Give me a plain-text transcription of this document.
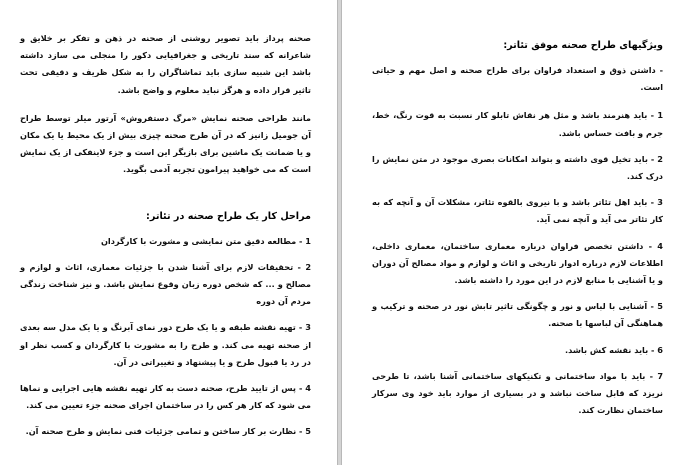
صحنه پرداز باید تصویر روشنی از صحنه در ذهن و تفکر بر خلایق و شاعرانه که سند تاریخی و جغرافیایی دکور را منجلی می سازد داشته باشد این شبیه سازی باید تماشاگران را به شکل ظریف و دقیقی تحت تاثیر قرار داده و هرگز نباید معلوم و واضح باشد.

مانند طراحی صحنه نمایش «مرگ دستفروش» آرتور میلر توسط طراح آن جومیل زانیز که در آن طرح صحنه چیزی بیش از یک محیط یا یک مکان و یا ضمانت یک ماشین برای بازیگر این است و جزء لاینفکی از یک نمایش است که می خواهید پیرامون تجربه آدمی بگوید.

مراحل کار یک طراح صحنه در تئاتر:

1 - مطالعه دقیق متن نمایشی و مشورت با کارگردان

2 - تحقیقات لازم برای آشنا شدن با جزئیات معماری، اثاث و لوازم و مصالح و ... که شخص دوره زبان وقوع نمایش باشد. و نیز شناخت زندگی مردم آن دوره

3 - تهیه نقشه طبقه و یا یک طرح دور نمای آبرنگ و یا یک مدل سه بعدی از صحنه تهیه می کند. و طرح را به مشورت با کارگردان و کسب نظر او در رد یا قبول طرح و یا پیشنهاد و تغییراتی در آن.

4 - پس از تایید طرح، صحنه دست به کار تهیه نقشه هایی اجرایی و نماها می شود که کار هر کس را در ساختمان اجرای صحنه جزء تعیین می کند.

5 - نظارت بر کار ساختن و تمامی جزئیات فنی نمایش و طرح صحنه آن.

ویژگیهای طراح صحنه موفق تئاتر:

- داشتن ذوق و استعداد فراوان برای طراح صحنه و اصل مهم و حیاتی است.

1 - باید هنرمند باشد و مثل هر نقاش تابلو کار نسبت به قوت رنگ، خط، جرم و بافت حساس باشد.

2 - باید تخیل قوی داشته و بتواند امکانات بصری موجود در متن نمایش را درک کند.

3 - باید اهل تئاتر باشد و با نیروی بالقوه تئاتر، مشکلات آن و آنچه که به کار تئاتر می آید و آنچه نمی آید.

4 - داشتن تخصص فراوان درباره معماری ساختمان، معماری داخلی، اطلاعات لازم درباره ادوار تاریخی و اثاث و لوازم و مواد مصالح آن دوران و یا آشنایی با منابع لازم در این مورد را داشته باشد.

5 - آشنایی با لباس و نور و چگونگی تاثیر تابش نور در صحنه و ترکیب و هماهنگی آن لباسها با صحنه.

6 - باید نقشه کش باشد.

7 - باید با مواد ساختمانی و تکنیکهای ساختمانی آشنا باشد، تا طرحی نریزد که قابل ساخت نباشد و در بسیاری از موارد باید خود وی سرکار ساختمان نظارت کند.
